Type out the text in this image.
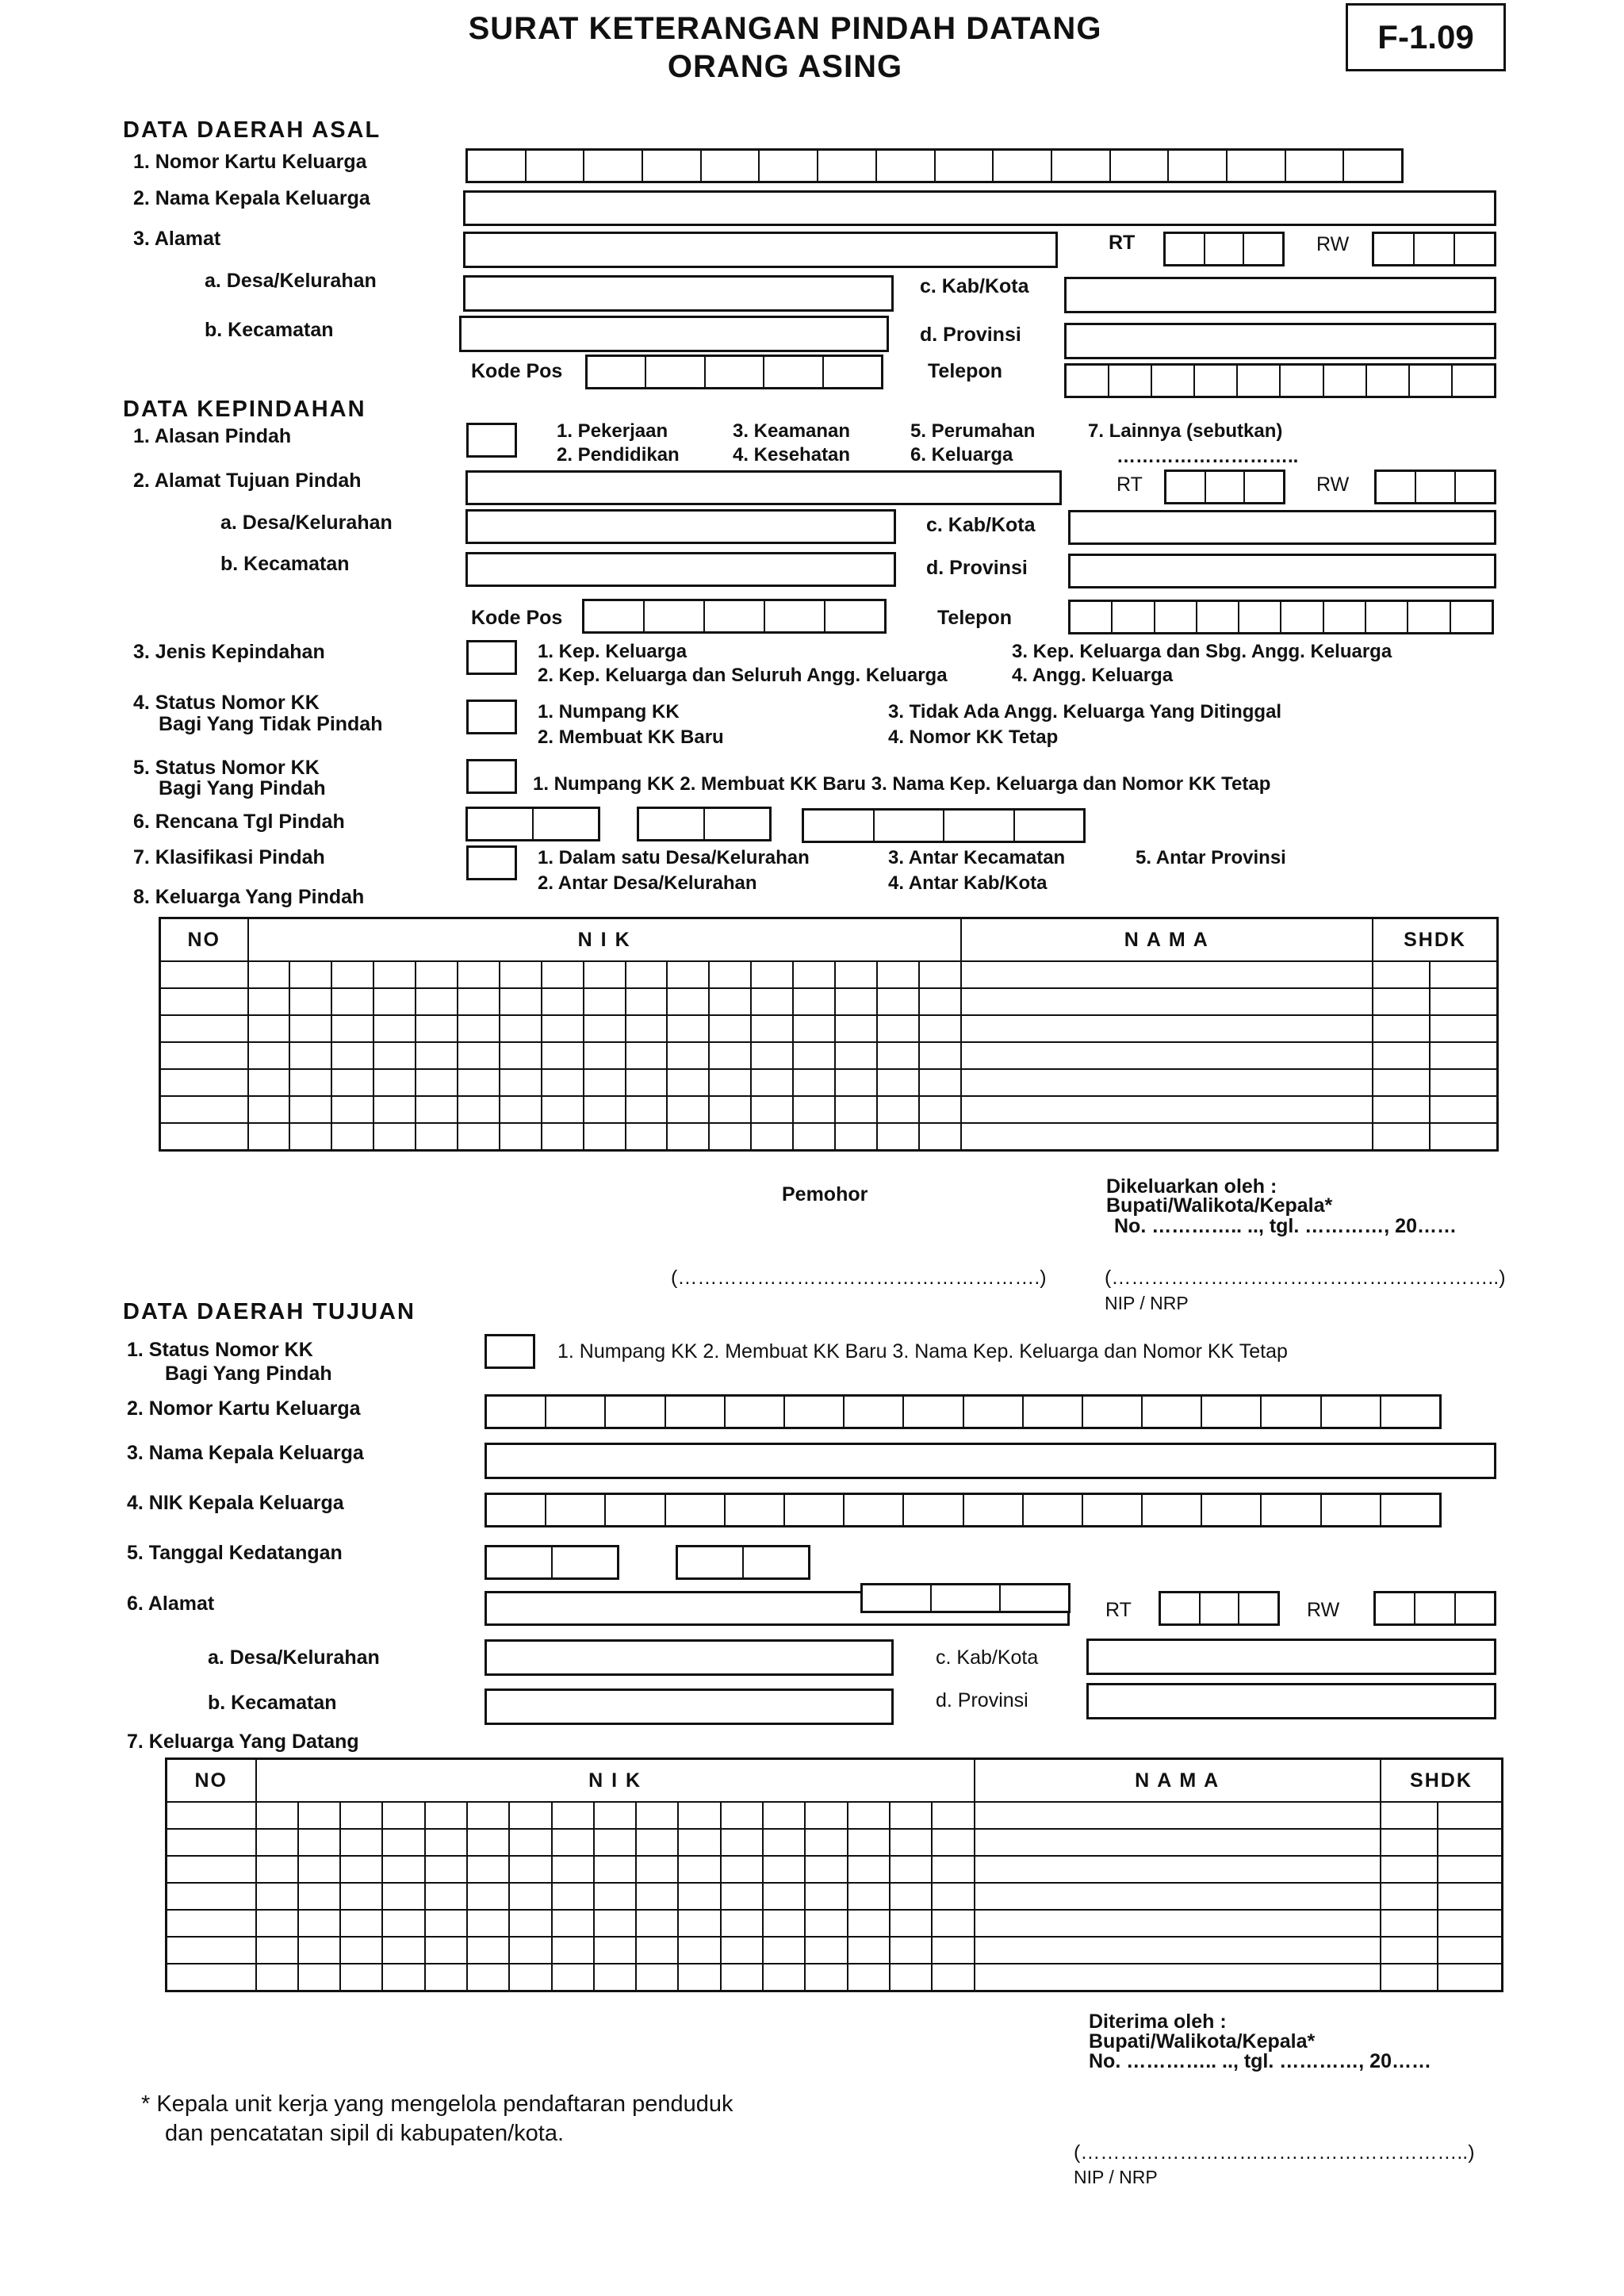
SURAT KETERANGAN PINDAH DATANG
ORANG ASING
F-1.09
DATA DAERAH ASAL
1. Nomor Kartu Keluarga
2. Nama Kepala Keluarga
3. Alamat	RT	RW
a. Desa/Kelurahan	c. Kab/Kota
b. Kecamatan	d. Provinsi
Kode Pos	Telepon
DATA KEPINDAHAN
1. Alasan Pindah	1. Pekerjaan
2. Pendidikan
3. Keamanan
4. Kesehatan
5. Perumahan
6. Keluarga
7. Lainnya (sebutkan)
………………………..
2. Alamat Tujuan Pindah	RT	RW
a. Desa/Kelurahan	c. Kab/Kota
b. Kecamatan	d. Provinsi
Kode Pos	Telepon
3. Jenis Kepindahan	1. Kep. Keluarga
2. Kep. Keluarga dan Seluruh Angg. Keluarga
3. Kep. Keluarga dan Sbg. Angg. Keluarga
4. Angg. Keluarga
4. Status Nomor KK
Bagi Yang Tidak Pindah
1. Numpang KK
2. Membuat KK Baru
3. Tidak Ada Angg. Keluarga Yang Ditinggal
4. Nomor KK Tetap
5. Status Nomor KK
Bagi Yang Pindah	1. Numpang KK 2. Membuat KK Baru 3. Nama Kep. Keluarga dan Nomor KK Tetap
6. Rencana Tgl Pindah
7. Klasifikasi Pindah	1. Dalam satu Desa/Kelurahan
2. Antar Desa/Kelurahan
3. Antar Kecamatan
4. Antar Kab/Kota
5. Antar Provinsi
8. Keluarga Yang Pindah
NO	N I K																	N A M A	SHDK	

Pemohor	Dikeluarkan oleh :
Bupati/Walikota/Kepala*
No. ………….. .., tgl. …………, 20……
(……………………………………………….)	(…………………………………………………..)
NIP / NRP
DATA DAERAH TUJUAN
1. Status Nomor KK
Bagi Yang Pindah
1. Numpang KK 2. Membuat KK Baru 3. Nama Kep. Keluarga dan Nomor KK Tetap
2. Nomor Kartu Keluarga
3. Nama Kepala Keluarga
4. NIK Kepala Keluarga
5. Tanggal Kedatangan
6. Alamat	RT	RW
a. Desa/Kelurahan	c. Kab/Kota
b. Kecamatan	d. Provinsi
7. Keluarga Yang Datang
NO	N I K																	N A M A	SHDK	

Diterima oleh :
Bupati/Walikota/Kepala*
No. ………….. .., tgl. …………, 20……
(…………………………………………………..)
NIP / NRP
* Kepala unit kerja yang mengelola pendaftaran penduduk
dan pencatatan sipil di kabupaten/kota.
